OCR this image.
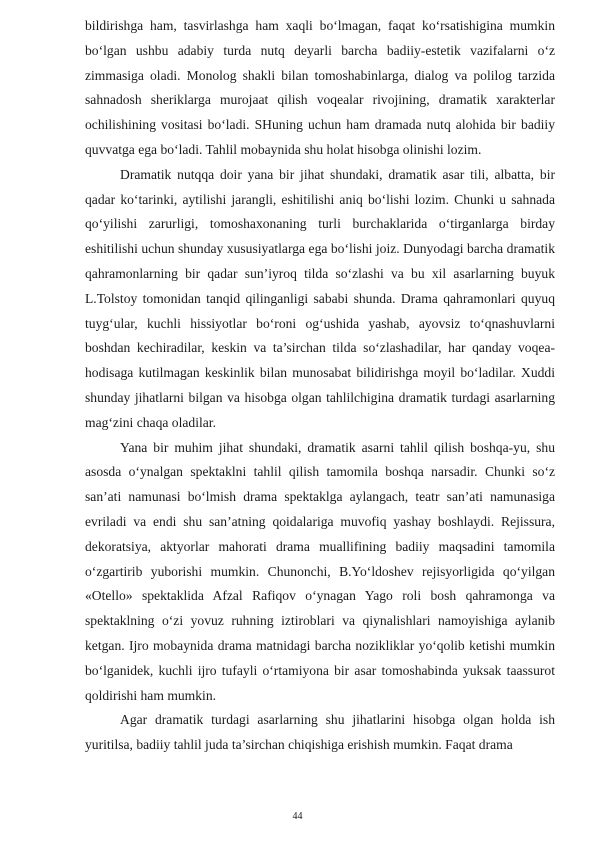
bildirishga ham, tasvirlashga ham xaqli bo‘lmagan, faqat ko‘rsatishigina mumkin bo‘lgan ushbu adabiy turda nutq deyarli barcha badiiy-estetik vazifalarni o‘z zimmasiga oladi. Monolog shakli bilan tomoshabinlarga, dialog va polilog tarzida sahnadosh sheriklarga murojaat qilish voqealar rivojining, dramatik xarakterlar ochilishining vositasi bo‘ladi. SHuning uchun ham dramada nutq alohida bir badiiy quvvatga ega bo‘ladi. Tahlil mobaynida shu holat hisobga olinishi lozim.

Dramatik nutqqa doir yana bir jihat shundaki, dramatik asar tili, albatta, bir qadar ko‘tarinki, aytilishi jarangli, eshitilishi aniq bo‘lishi lozim. Chunki u sahnada qo‘yilishi zarurligi, tomoshaxonaning turli burchaklarida o‘tirganlarga birday eshitilishi uchun shunday xususiyatlarga ega bo‘lishi joiz. Dunyodagi barcha dramatik qahramonlarning bir qadar sun’iyroq tilda so‘zlashi va bu xil asarlarning buyuk L.Tolstoy tomonidan tanqid qilinganligi sababi shunda. Drama qahramonlari quyuq tuyg‘ular, kuchli hissiyotlar bo‘roni og‘ushida yashab, ayovsiz to‘qnashuvlarni boshdan kechiradilar, keskin va ta’sirchan tilda so‘zlashadilar, har qanday voqea-hodisaga kutilmagan keskinlik bilan munosabat bilidirishga moyil bo‘ladilar. Xuddi shunday jihatlarni bilgan va hisobga olgan tahlilchigina dramatik turdagi asarlarning mag‘zini chaqa oladilar.

Yana bir muhim jihat shundaki, dramatik asarni tahlil qilish boshqa-yu, shu asosda o‘ynalgan spektaklni tahlil qilish tamomila boshqa narsadir. Chunki so‘z san’ati namunasi bo‘lmish drama spektaklga aylangach, teatr san’ati namunasiga evriladi va endi shu san’atning qoidalariga muvofiq yashay boshlaydi. Rejissura, dekoratsiya, aktyorlar mahorati drama muallifining badiiy maqsadini tamomila o‘zgartirib yuborishi mumkin. Chunonchi, B.Yo‘ldoshev rejisyorligida qo‘yilgan «Otello» spektaklida Afzal Rafiqov o‘ynagan Yago roli bosh qahramonga va spektaklning o‘zi yovuz ruhning iztiroblari va qiynalishlari namoyishiga aylanib ketgan. Ijro mobaynida drama matnidagi barcha nozikliklar yo‘qolib ketishi mumkin bo‘lganidek, kuchli ijro tufayli o‘rtamiyona bir asar tomoshabinda yuksak taassurot qoldirishi ham mumkin.

Agar dramatik turdagi asarlarning shu jihatlarini hisobga olgan holda ish yuritilsa, badiiy tahlil juda ta’sirchan chiqishiga erishish mumkin. Faqat drama

44
